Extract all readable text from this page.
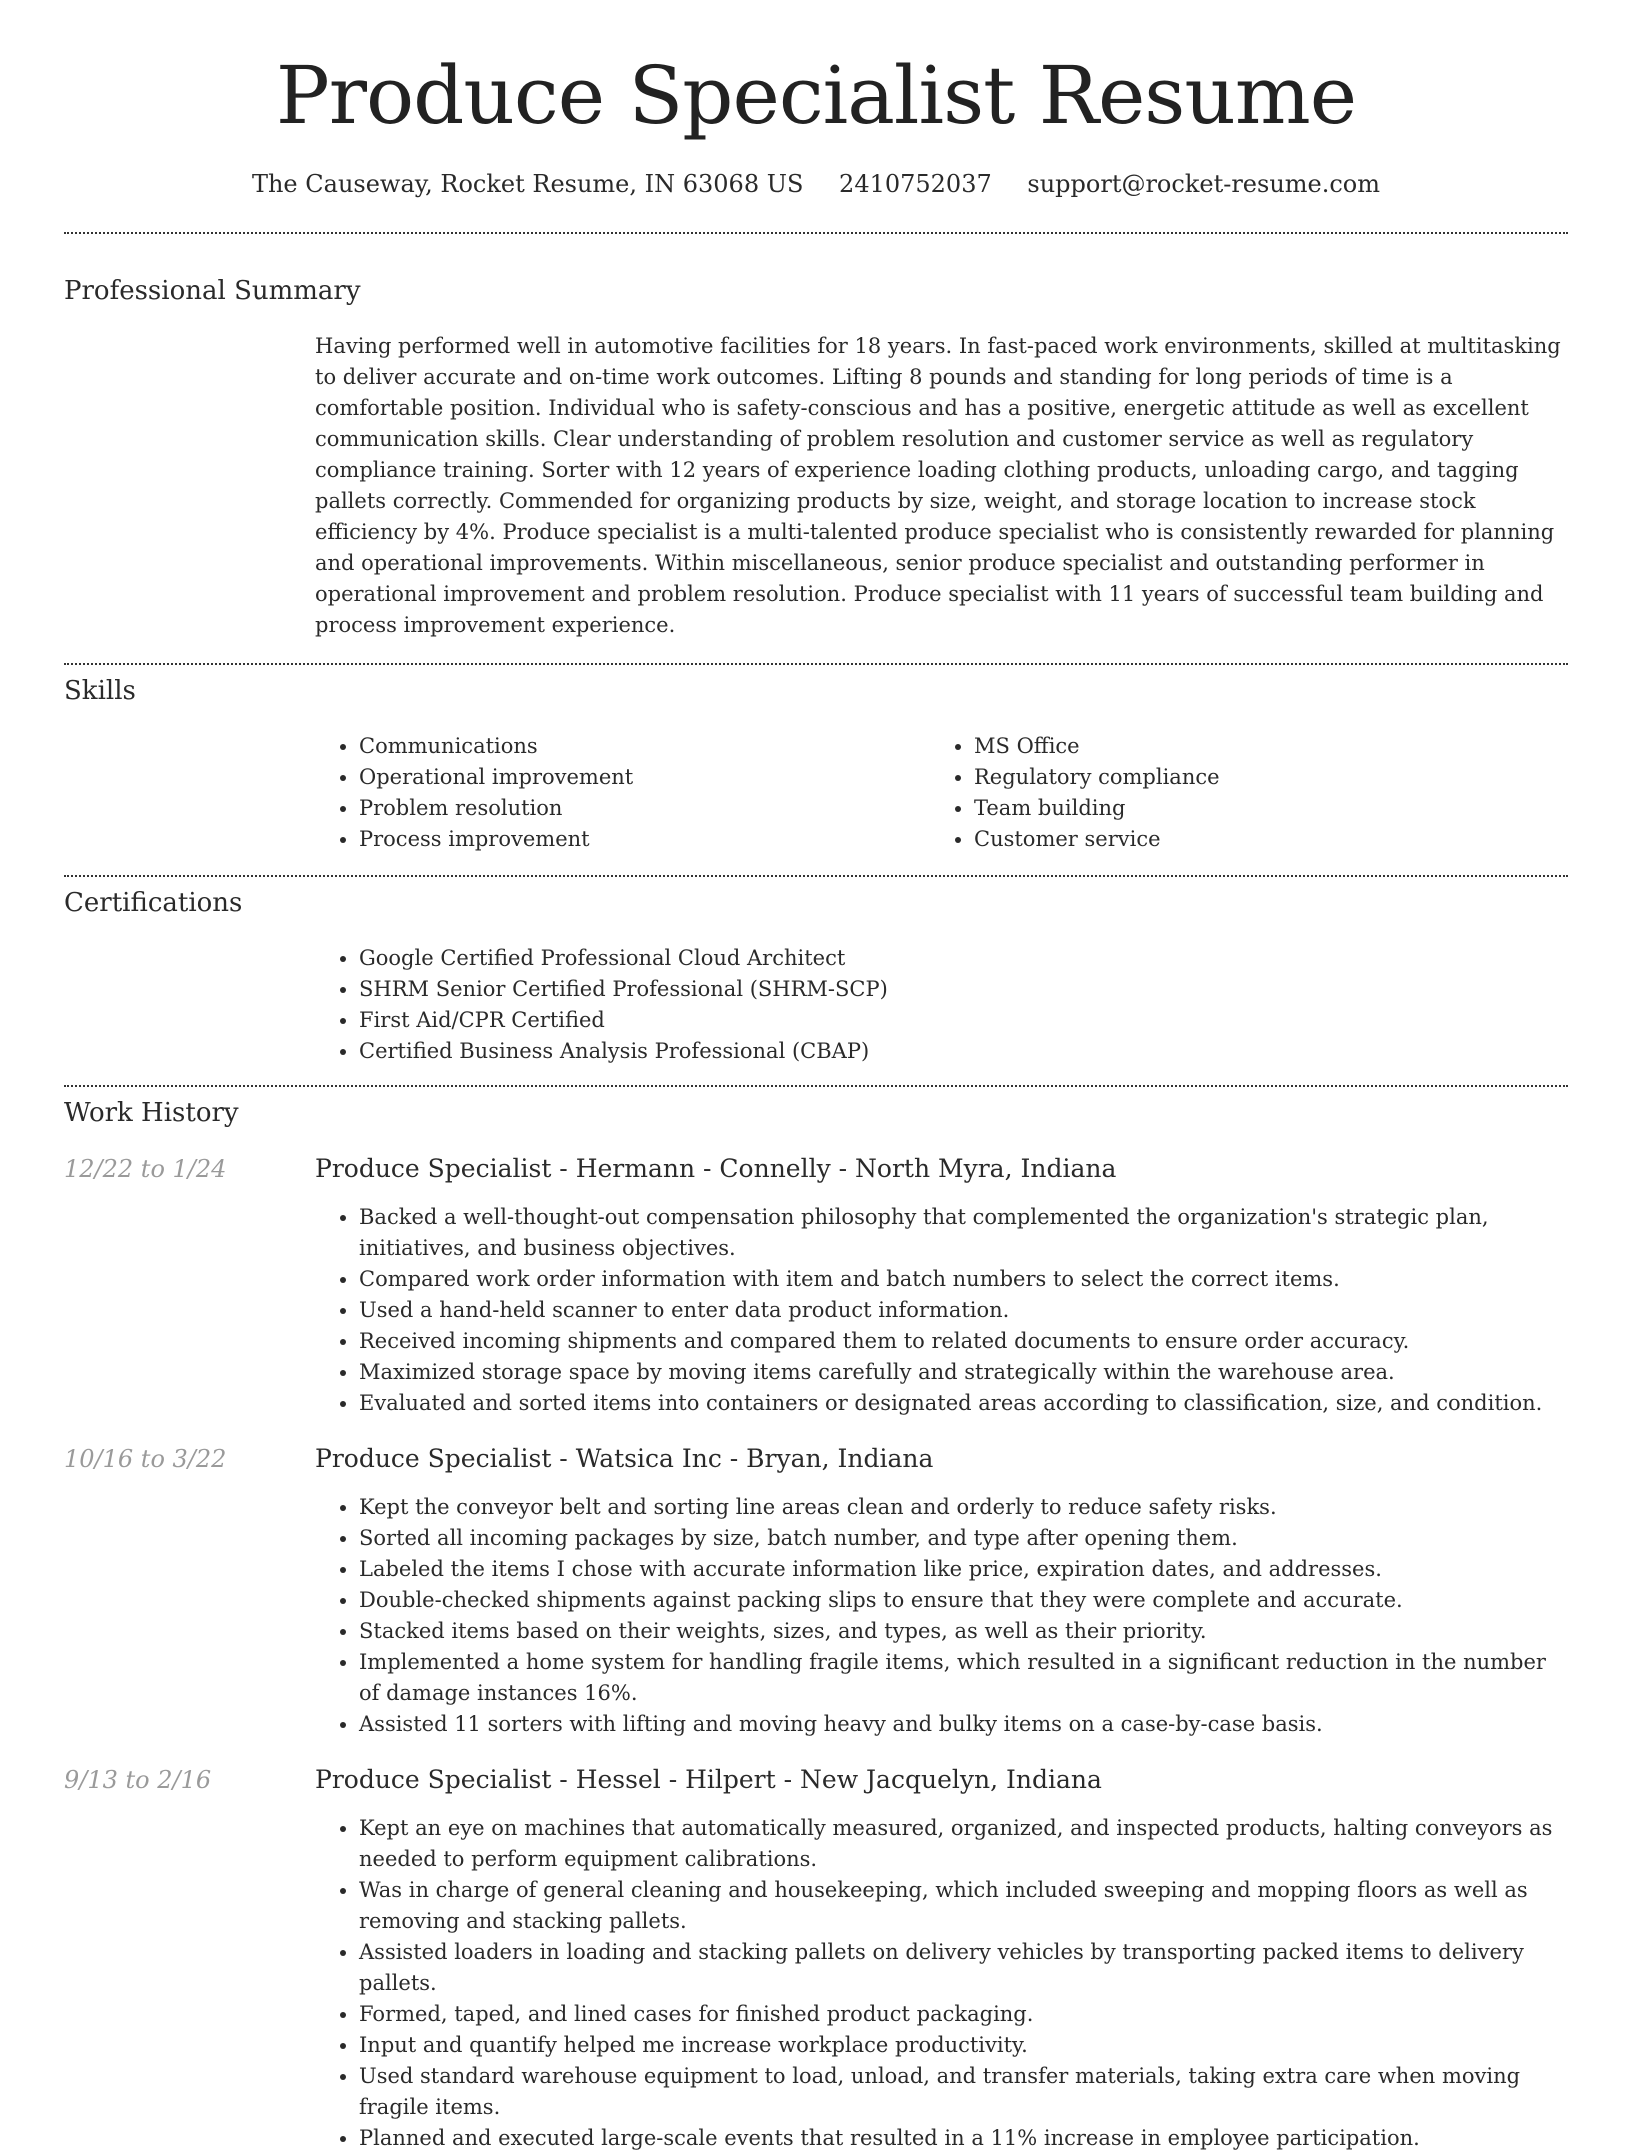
Produce Specialist Resume
The Causeway, Rocket Resume, IN 63068 US 2410752037 support@rocket-resume.com
Professional Summary
Having performed well in automotive facilities for 18 years. In fast-paced work environments, skilled at multitasking to deliver accurate and on-time work outcomes. Lifting 8 pounds and standing for long periods of time is a comfortable position. Individual who is safety-conscious and has a positive, energetic attitude as well as excellent communication skills. Clear understanding of problem resolution and customer service as well as regulatory compliance training. Sorter with 12 years of experience loading clothing products, unloading cargo, and tagging pallets correctly. Commended for organizing products by size, weight, and storage location to increase stock efficiency by 4%. Produce specialist is a multi-talented produce specialist who is consistently rewarded for planning and operational improvements. Within miscellaneous, senior produce specialist and outstanding performer in operational improvement and problem resolution. Produce specialist with 11 years of successful team building and process improvement experience.
Skills
• Communications
• Operational improvement
• Problem resolution
• Process improvement
• MS Office
• Regulatory compliance
• Team building
• Customer service
Certifications
• Google Certified Professional Cloud Architect
• SHRM Senior Certified Professional (SHRM-SCP)
• First Aid/CPR Certified
• Certified Business Analysis Professional (CBAP)
Work History
12/22 to 1/24	Produce Specialist - Hermann - Connelly - North Myra, Indiana
• Backed a well-thought-out compensation philosophy that complemented the organization's strategic plan, initiatives, and business objectives.
• Compared work order information with item and batch numbers to select the correct items.
• Used a hand-held scanner to enter data product information.
• Received incoming shipments and compared them to related documents to ensure order accuracy.
• Maximized storage space by moving items carefully and strategically within the warehouse area.
• Evaluated and sorted items into containers or designated areas according to classification, size, and condition.
10/16 to 3/22	Produce Specialist - Watsica Inc - Bryan, Indiana
• Kept the conveyor belt and sorting line areas clean and orderly to reduce safety risks.
• Sorted all incoming packages by size, batch number, and type after opening them.
• Labeled the items I chose with accurate information like price, expiration dates, and addresses.
• Double-checked shipments against packing slips to ensure that they were complete and accurate.
• Stacked items based on their weights, sizes, and types, as well as their priority.
• Implemented a home system for handling fragile items, which resulted in a significant reduction in the number of damage instances 16%.
• Assisted 11 sorters with lifting and moving heavy and bulky items on a case-by-case basis.
9/13 to 2/16	Produce Specialist - Hessel - Hilpert - New Jacquelyn, Indiana
• Kept an eye on machines that automatically measured, organized, and inspected products, halting conveyors as needed to perform equipment calibrations.
• Was in charge of general cleaning and housekeeping, which included sweeping and mopping floors as well as removing and stacking pallets.
• Assisted loaders in loading and stacking pallets on delivery vehicles by transporting packed items to delivery pallets.
• Formed, taped, and lined cases for finished product packaging.
• Input and quantify helped me increase workplace productivity.
• Used standard warehouse equipment to load, unload, and transfer materials, taking extra care when moving fragile items.
• Planned and executed large-scale events that resulted in a 11% increase in employee participation.
